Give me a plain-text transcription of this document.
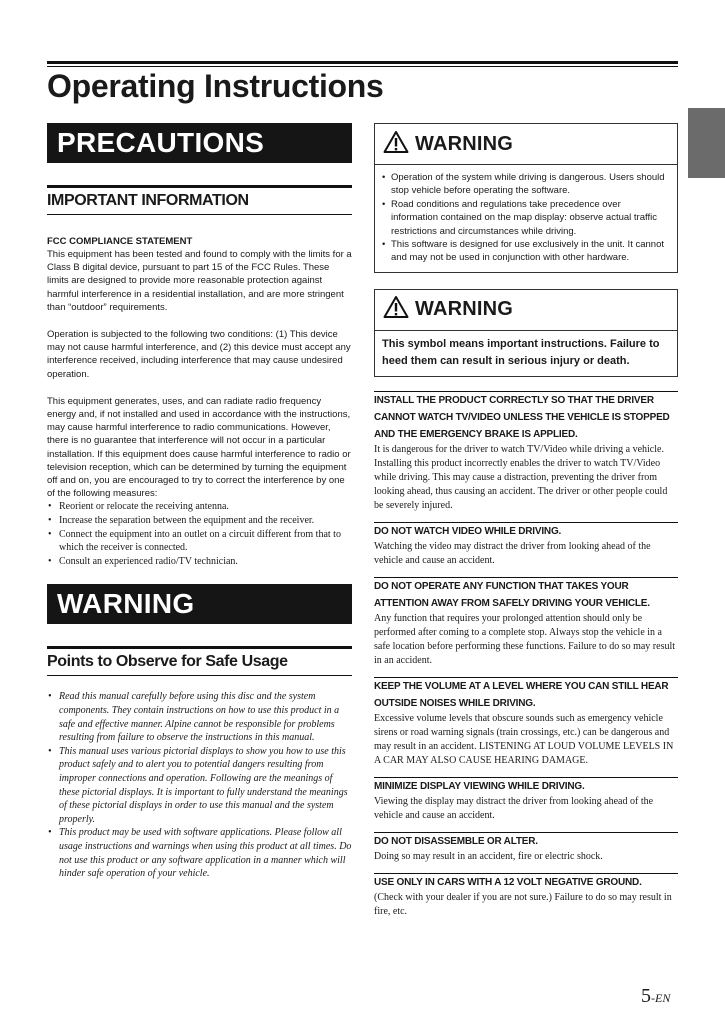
Operating Instructions
PRECAUTIONS
IMPORTANT INFORMATION
FCC COMPLIANCE STATEMENT

This equipment has been tested and found to comply with the limits for a Class B digital device, pursuant to part 15 of the FCC Rules. These limits are designed to provide more reasonable protection against harmful interference in a residential installation, and are more stringent than “outdoor” requirements.

Operation is subjected to the following two conditions: (1) This device may not cause harmful interference, and (2) this device must accept any interference received, including interference that may cause undesired operation.

This equipment generates, uses, and can radiate radio frequency energy and, if not installed and used in accordance with the instructions, may cause harmful interference to radio communications. However, there is no guarantee that interference will not occur in a particular installation. If this equipment does cause harmful interference to radio or television reception, which can be determined by turning the equipment off and on, you are encouraged to try to correct the interference by one of the following measures:

• Reorient or relocate the receiving antenna.
• Increase the separation between the equipment and the receiver.
• Connect the equipment into an outlet on a circuit different from that to which the receiver is connected.
• Consult an experienced radio/TV technician.
WARNING
Points to Observe for Safe Usage
• Read this manual carefully before using this disc and the system components. They contain instructions on how to use this product in a safe and effective manner. Alpine cannot be responsible for problems resulting from failure to observe the instructions in this manual.
• This manual uses various pictorial displays to show you how to use this product safely and to alert you to potential dangers resulting from improper connections and operation. Following are the meanings of these pictorial displays. It is important to fully understand the meanings of these pictorial displays in order to use this manual and the system properly.
• This product may be used with software applications. Please follow all usage instructions and warnings when using this product at all times. Do not use this product or any software application in a manner which will hinder safe operation of your vehicle.
WARNING
• Operation of the system while driving is dangerous. Users should stop vehicle before operating the software.
• Road conditions and regulations take precedence over information contained on the map display: observe actual traffic restrictions and circumstances while driving.
• This software is designed for use exclusively in the unit. It cannot and may not be used in conjunction with other hardware.
WARNING
This symbol means important instructions. Failure to heed them can result in serious injury or death.
INSTALL THE PRODUCT CORRECTLY SO THAT THE DRIVER CANNOT WATCH TV/VIDEO UNLESS THE VEHICLE IS STOPPED AND THE EMERGENCY BRAKE IS APPLIED.

It is dangerous for the driver to watch TV/Video while driving a vehicle. Installing this product incorrectly enables the driver to watch TV/Video while driving. This may cause a distraction, preventing the driver from looking ahead, thus causing an accident. The driver or other people could be severely injured.

DO NOT WATCH VIDEO WHILE DRIVING.

Watching the video may distract the driver from looking ahead of the vehicle and cause an accident.

DO NOT OPERATE ANY FUNCTION THAT TAKES YOUR ATTENTION AWAY FROM SAFELY DRIVING YOUR VEHICLE.

Any function that requires your prolonged attention should only be performed after coming to a complete stop. Always stop the vehicle in a safe location before performing these functions. Failure to do so may result in an accident.

KEEP THE VOLUME AT A LEVEL WHERE YOU CAN STILL HEAR OUTSIDE NOISES WHILE DRIVING.

Excessive volume levels that obscure sounds such as emergency vehicle sirens or road warning signals (train crossings, etc.) can be dangerous and may result in an accident. LISTENING AT LOUD VOLUME LEVELS IN A CAR MAY ALSO CAUSE HEARING DAMAGE.

MINIMIZE DISPLAY VIEWING WHILE DRIVING.

Viewing the display may distract the driver from looking ahead of the vehicle and cause an accident.

DO NOT DISASSEMBLE OR ALTER.

Doing so may result in an accident, fire or electric shock.

USE ONLY IN CARS WITH A 12 VOLT NEGATIVE GROUND.

(Check with your dealer if you are not sure.) Failure to do so may result in fire, etc.

5-EN
